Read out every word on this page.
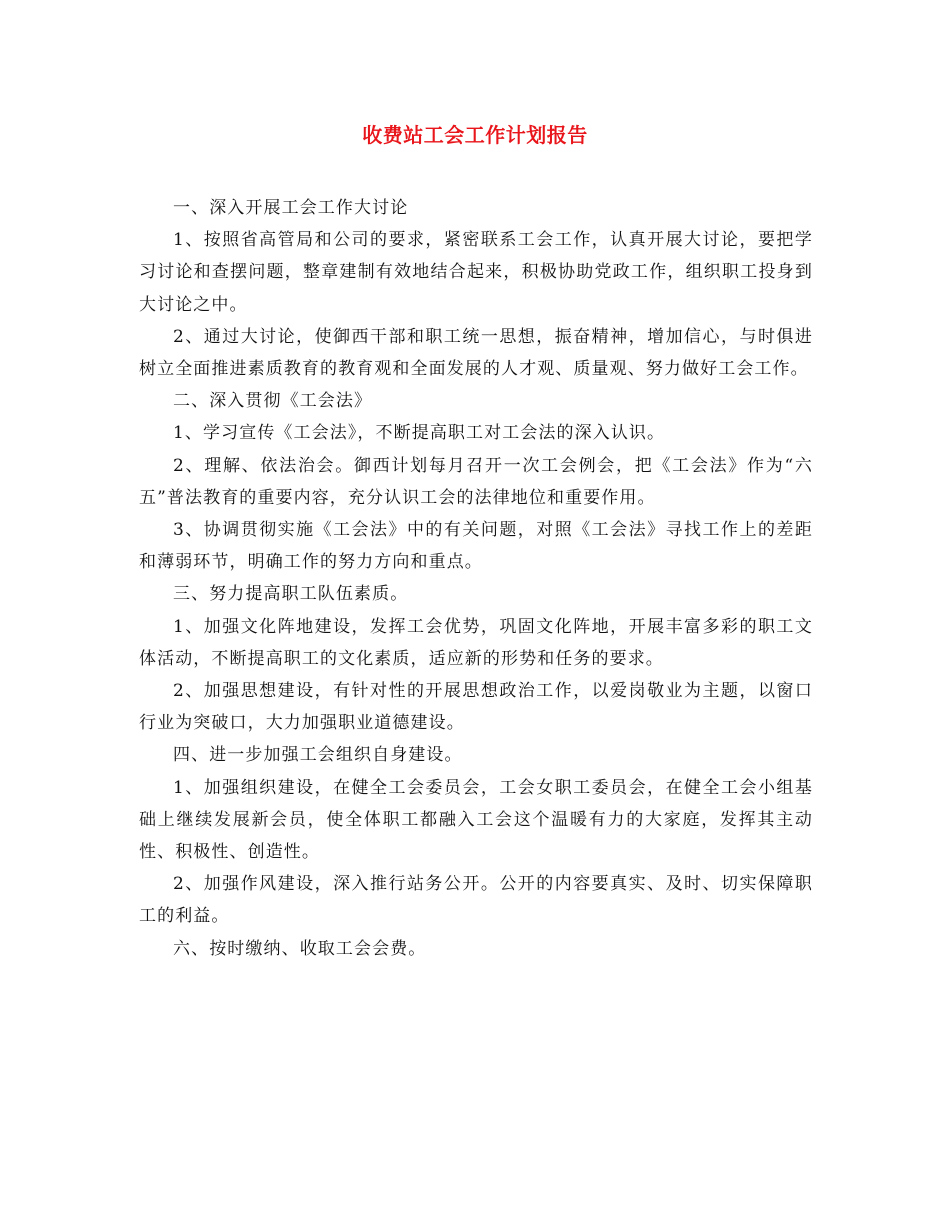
收费站工会工作计划报告

一、深入开展工会工作大讨论

1、按照省高管局和公司的要求，紧密联系工会工作，认真开展大讨论，要把学习讨论和查摆问题，整章建制有效地结合起来，积极协助党政工作，组织职工投身到大讨论之中。

2、通过大讨论，使御西干部和职工统一思想，振奋精神，增加信心，与时俱进树立全面推进素质教育的教育观和全面发展的人才观、质量观、努力做好工会工作。

二、深入贯彻《工会法》

1、学习宣传《工会法》，不断提高职工对工会法的深入认识。

2、理解、依法治会。御西计划每月召开一次工会例会，把《工会法》作为“六五”普法教育的重要内容，充分认识工会的法律地位和重要作用。

3、协调贯彻实施《工会法》中的有关问题，对照《工会法》寻找工作上的差距和薄弱环节，明确工作的努力方向和重点。

三、努力提高职工队伍素质。

1、加强文化阵地建设，发挥工会优势，巩固文化阵地，开展丰富多彩的职工文体活动，不断提高职工的文化素质，适应新的形势和任务的要求。

2、加强思想建设，有针对性的开展思想政治工作，以爱岗敬业为主题，以窗口行业为突破口，大力加强职业道德建设。

四、进一步加强工会组织自身建设。

1、加强组织建设，在健全工会委员会，工会女职工委员会，在健全工会小组基础上继续发展新会员，使全体职工都融入工会这个温暖有力的大家庭，发挥其主动性、积极性、创造性。

2、加强作风建设，深入推行站务公开。公开的内容要真实、及时、切实保障职工的利益。

六、按时缴纳、收取工会会费。
